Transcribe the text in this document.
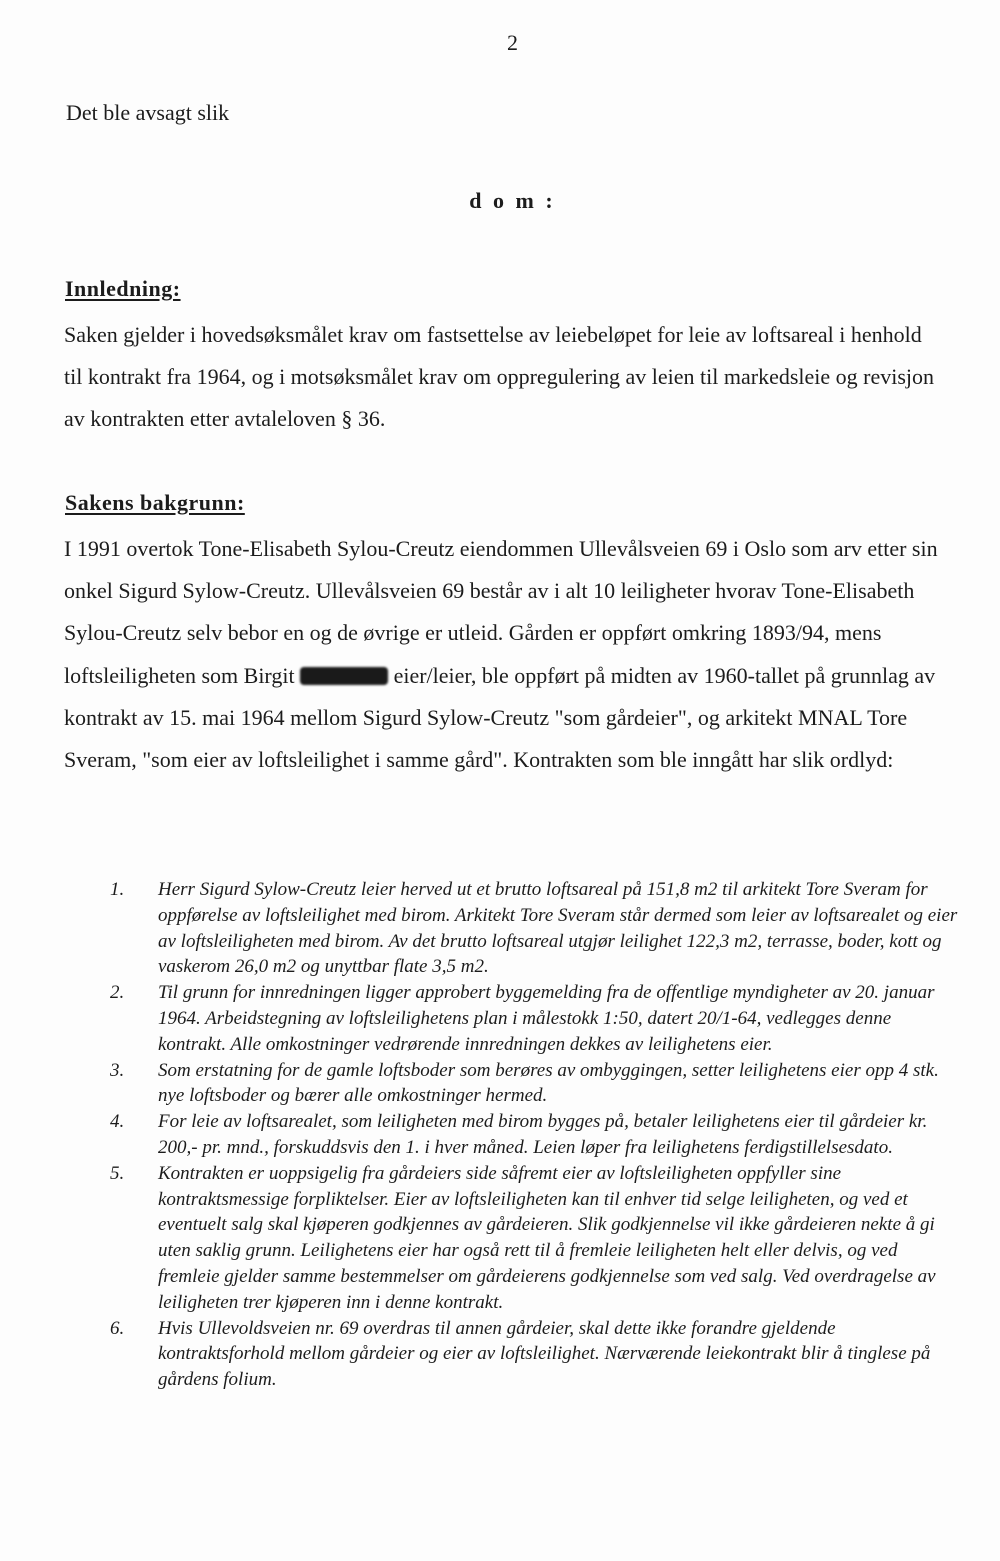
2
Det ble avsagt slik
d o m :
Innledning:

Saken gjelder i hovedsøksmålet krav om fastsettelse av leiebeløpet for leie av loftsareal i henhold til kontrakt fra 1964, og i motsøksmålet krav om oppregulering av leien til markedsleie og revisjon av kontrakten etter avtaleloven § 36.

Sakens bakgrunn:

I 1991 overtok Tone-Elisabeth Sylou-Creutz eiendommen Ullevålsveien 69 i Oslo som arv etter sin onkel Sigurd Sylow-Creutz. Ullevålsveien 69 består av i alt 10 leiligheter hvorav Tone-Elisabeth Sylou-Creutz selv bebor en og de øvrige er utleid. Gården er oppført omkring 1893/94, mens loftsleiligheten som Birgit	eier/leier, ble oppført på midten av 1960-tallet på grunnlag av kontrakt av 15. mai 1964 mellom Sigurd Sylow-Creutz "som gårdeier", og arkitekt MNAL Tore Sveram, "som eier av loftsleilighet i samme gård". Kontrakten som ble inngått har slik ordlyd:

1.	Herr Sigurd Sylow-Creutz leier herved ut et brutto loftsareal på 151,8 m2 til arkitekt Tore Sveram for oppførelse av loftsleilighet med birom. Arkitekt Tore Sveram står dermed som leier av loftsarealet og eier av loftsleiligheten med birom. Av det brutto loftsareal utgjør leilighet 122,3 m2, terrasse, boder, kott og vaskerom 26,0 m2 og unyttbar flate 3,5 m2.
2.	Til grunn for innredningen ligger approbert byggemelding fra de offentlige myndigheter av 20. januar 1964. Arbeidstegning av loftsleilighetens plan i målestokk 1:50, datert 20/1-64, vedlegges denne kontrakt. Alle omkostninger vedrørende innredningen dekkes av leilighetens eier.
3.	Som erstatning for de gamle loftsboder som berøres av ombyggingen, setter leilighetens eier opp 4 stk. nye loftsboder og bærer alle omkostninger hermed.
4.	For leie av loftsarealet, som leiligheten med birom bygges på, betaler leilighetens eier til gårdeier kr. 200,- pr. mnd., forskuddsvis den 1. i hver måned. Leien løper fra leilighetens ferdigstillelsesdato.
5.	Kontrakten er uoppsigelig fra gårdeiers side såfremt eier av loftsleiligheten oppfyller sine kontraktsmessige forpliktelser. Eier av loftsleiligheten kan til enhver tid selge leiligheten, og ved et eventuelt salg skal kjøperen godkjennes av gårdeieren. Slik godkjennelse vil ikke gårdeieren nekte å gi uten saklig grunn. Leilighetens eier har også rett til å fremleie leiligheten helt eller delvis, og ved fremleie gjelder samme bestemmelser om gårdeierens godkjennelse som ved salg. Ved overdragelse av leiligheten trer kjøperen inn i denne kontrakt.
6.	Hvis Ullevoldsveien nr. 69 overdras til annen gårdeier, skal dette ikke forandre gjeldende kontraktsforhold mellom gårdeier og eier av loftsleilighet. Nærværende leiekontrakt blir å tinglese på gårdens folium.
